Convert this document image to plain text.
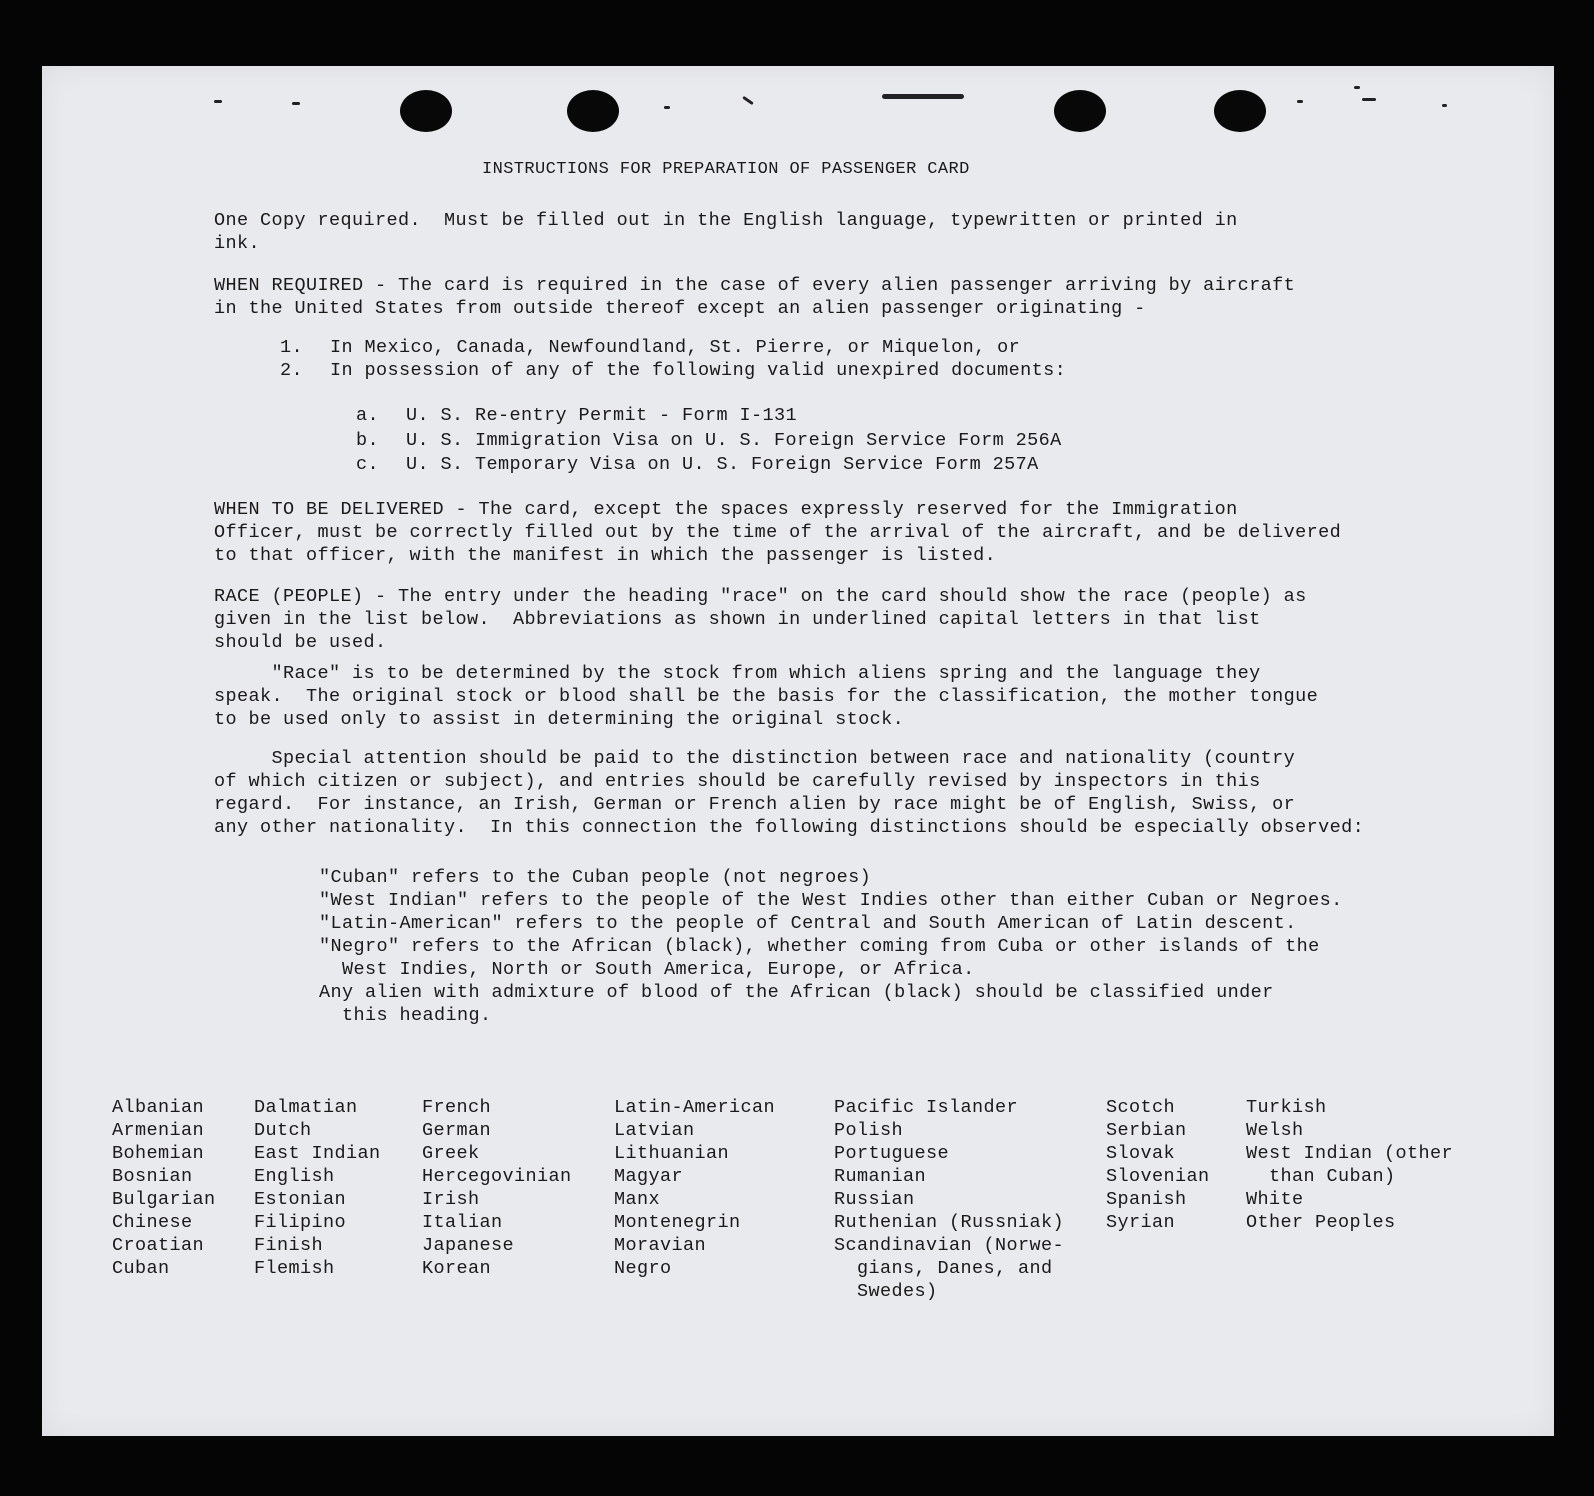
INSTRUCTIONS FOR PREPARATION OF PASSENGER CARD

One Copy required.  Must be filled out in the English language, typewritten or printed in
ink.

WHEN REQUIRED - The card is required in the case of every alien passenger arriving by aircraft
in the United States from outside thereof except an alien passenger originating -

1. In Mexico, Canada, Newfoundland, St. Pierre, or Miquelon, or

2. In possession of any of the following valid unexpired documents:

a. U. S. Re-entry Permit - Form I-131

b. U. S. Immigration Visa on U. S. Foreign Service Form 256A

c. U. S. Temporary Visa on U. S. Foreign Service Form 257A

WHEN TO BE DELIVERED - The card, except the spaces expressly reserved for the Immigration
Officer, must be correctly filled out by the time of the arrival of the aircraft, and be delivered
to that officer, with the manifest in which the passenger is listed.

RACE (PEOPLE) - The entry under the heading "race" on the card should show the race (people) as
given in the list below.  Abbreviations as shown in underlined capital letters in that list
should be used.

"Race" is to be determined by the stock from which aliens spring and the language they
speak.  The original stock or blood shall be the basis for the classification, the mother tongue
to be used only to assist in determining the original stock.

Special attention should be paid to the distinction between race and nationality (country
of which citizen or subject), and entries should be carefully revised by inspectors in this
regard.  For instance, an Irish, German or French alien by race might be of English, Swiss, or
any other nationality.  In this connection the following distinctions should be especially observed:

"Cuban" refers to the Cuban people (not negroes)
"West Indian" refers to the people of the West Indies other than either Cuban or Negroes.
"Latin-American" refers to the people of Central and South American of Latin descent.
"Negro" refers to the African (black), whether coming from Cuba or other islands of the
West Indies, North or South America, Europe, or Africa.
Any alien with admixture of blood of the African (black) should be classified under
this heading.

Albanian
Armenian
Bohemian
Bosnian
Bulgarian
Chinese
Croatian
Cuban
Dalmatian
Dutch
East Indian
English
Estonian
Filipino
Finish
Flemish
French
German
Greek
Hercegovinian
Irish
Italian
Japanese
Korean
Latin-American
Latvian
Lithuanian
Magyar
Manx
Montenegrin
Moravian
Negro
Pacific Islander
Polish
Portuguese
Rumanian
Russian
Ruthenian (Russniak)
Scandinavian (Norwe-
gians, Danes, and
Swedes)
Scotch
Serbian
Slovak
Slovenian
Spanish
Syrian
Turkish
Welsh
West Indian (other
than Cuban)
White
Other Peoples
